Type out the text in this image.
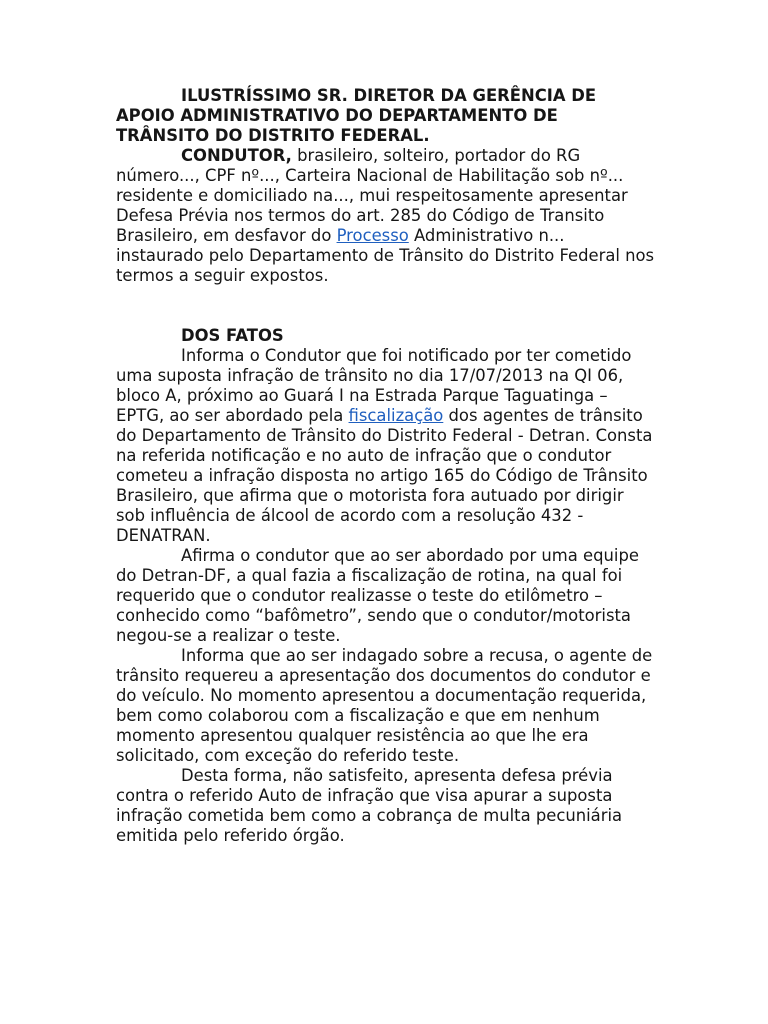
ILUSTRÍSSIMO SR. DIRETOR DA GERÊNCIA DE APOIO ADMINISTRATIVO DO DEPARTAMENTO DE TRÂNSITO DO DISTRITO FEDERAL.

CONDUTOR, brasileiro, solteiro, portador do RG número..., CPF nº..., Carteira Nacional de Habilitação sob nº... residente e domiciliado na..., mui respeitosamente apresentar Defesa Prévia nos termos do art. 285 do Código de Transito Brasileiro, em desfavor do Processo Administrativo n... instaurado pelo Departamento de Trânsito do Distrito Federal nos termos a seguir expostos.

DOS FATOS

Informa o Condutor que foi notificado por ter cometido uma suposta infração de trânsito no dia 17/07/2013 na QI 06, bloco A, próximo ao Guará I na Estrada Parque Taguatinga – EPTG, ao ser abordado pela fiscalização dos agentes de trânsito do Departamento de Trânsito do Distrito Federal - Detran. Consta na referida notificação e no auto de infração que o condutor cometeu a infração disposta no artigo 165 do Código de Trânsito Brasileiro, que afirma que o motorista fora autuado por dirigir sob influência de álcool de acordo com a resolução 432 - DENATRAN.

Afirma o condutor que ao ser abordado por uma equipe do Detran-DF, a qual fazia a fiscalização de rotina, na qual foi requerido que o condutor realizasse o teste do etilômetro – conhecido como “bafômetro”, sendo que o condutor/motorista negou-se a realizar o teste.

Informa que ao ser indagado sobre a recusa, o agente de trânsito requereu a apresentação dos documentos do condutor e do veículo. No momento apresentou a documentação requerida, bem como colaborou com a fiscalização e que em nenhum momento apresentou qualquer resistência ao que lhe era solicitado, com exceção do referido teste.

Desta forma, não satisfeito, apresenta defesa prévia contra o referido Auto de infração que visa apurar a suposta infração cometida bem como a cobrança de multa pecuniária emitida pelo referido órgão.
